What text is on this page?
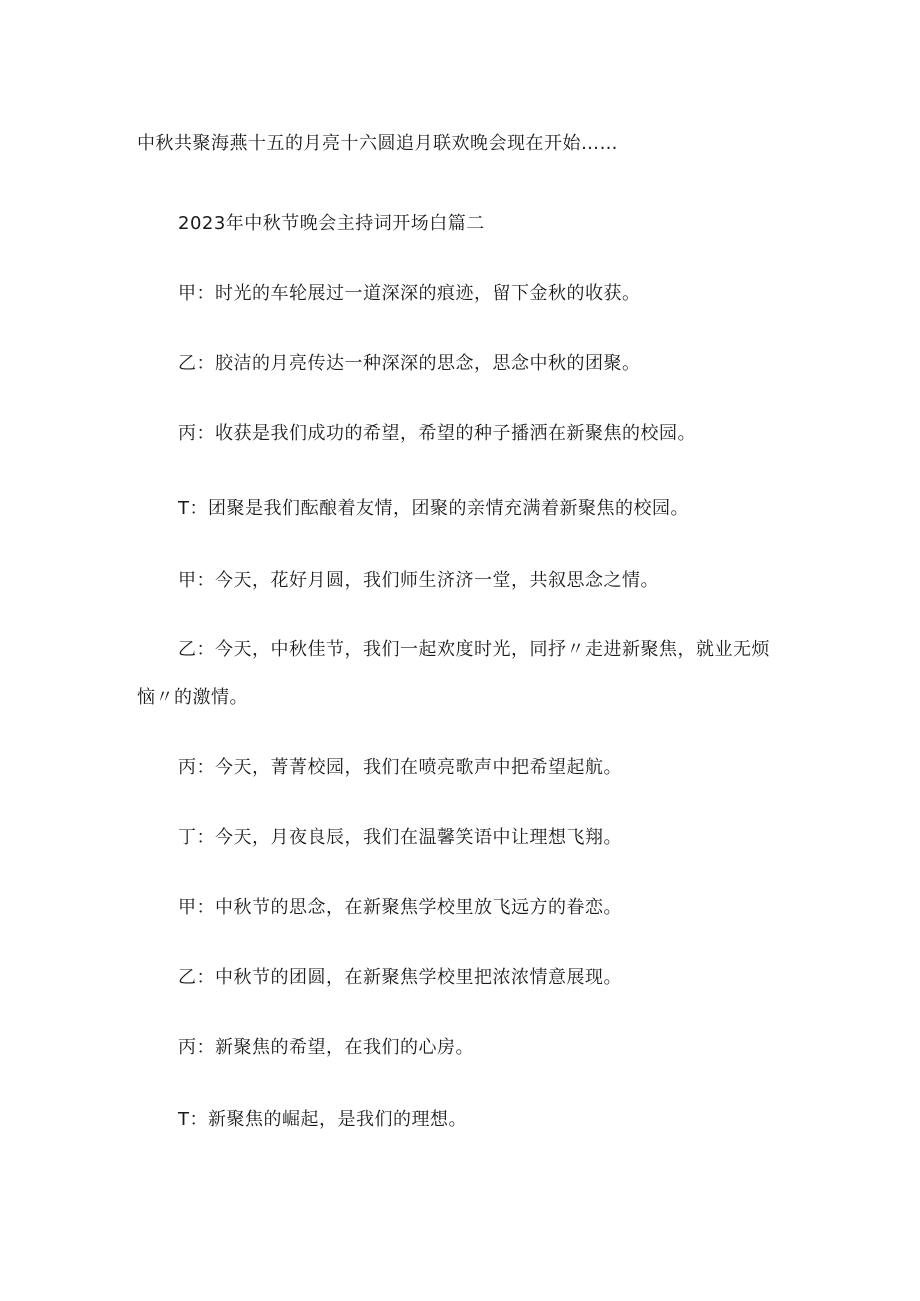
中秋共聚海燕十五的月亮十六圆追月联欢晚会现在开始……
2023年中秋节晚会主持词开场白篇二
甲：时光的车轮展过一道深深的痕迹，留下金秋的收获。
乙：胶洁的月亮传达一种深深的思念，思念中秋的团聚。
丙：收获是我们成功的希望，希望的种子播洒在新聚焦的校园。
T：团聚是我们酝酿着友情，团聚的亲情充满着新聚焦的校园。
甲：今天，花好月圆，我们师生济济一堂，共叙思念之情。
乙：今天，中秋佳节，我们一起欢度时光，同抒〃走进新聚焦，就业无烦
恼〃的激情。
丙：今天，菁菁校园，我们在喷亮歌声中把希望起航。
丁：今天，月夜良辰，我们在温馨笑语中让理想飞翔。
甲：中秋节的思念，在新聚焦学校里放飞远方的眷恋。
乙：中秋节的团圆，在新聚焦学校里把浓浓情意展现。
丙：新聚焦的希望，在我们的心房。
T：新聚焦的崛起，是我们的理想。
